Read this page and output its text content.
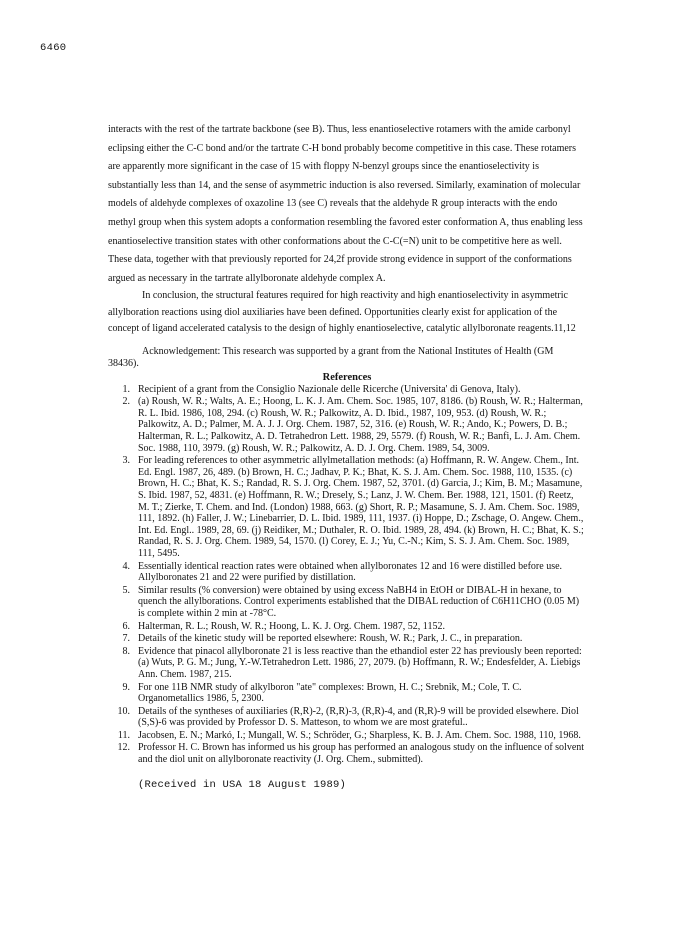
6460

interacts with the rest of the tartrate backbone (see B). Thus, less enantioselective rotamers with the amide carbonyl eclipsing either the C-C bond and/or the tartrate C-H bond probably become competitive in this case. These rotamers are apparently more significant in the case of 15 with floppy N-benzyl groups since the enantioselectivity is substantially less than 14, and the sense of asymmetric induction is also reversed. Similarly, examination of molecular models of aldehyde complexes of oxazoline 13 (see C) reveals that the aldehyde R group interacts with the endo methyl group when this system adopts a conformation resembling the favored ester conformation A, thus enabling less enantioselective transition states with other conformations about the C-C(=N) unit to be competitive here as well. These data, together with that previously reported for 24,2f provide strong evidence in support of the conformations argued as necessary in the tartrate allylboronate aldehyde complex A.

In conclusion, the structural features required for high reactivity and high enantioselectivity in asymmetric allylboration reactions using diol auxiliaries have been defined. Opportunities clearly exist for application of the concept of ligand accelerated catalysis to the design of highly enantioselective, catalytic allylboronate reagents.11,12

Acknowledgement: This research was supported by a grant from the National Institutes of Health (GM 38436).

References
1. Recipient of a grant from the Consiglio Nazionale delle Ricerche (Universita' di Genova, Italy).
2. (a) Roush, W. R.; Walts, A. E.; Hoong, L. K. J. Am. Chem. Soc. 1985, 107, 8186. (b) Roush, W. R.; Halterman, R. L. Ibid. 1986, 108, 294. (c) Roush, W. R.; Palkowitz, A. D. Ibid., 1987, 109, 953. (d) Roush, W. R.; Palkowitz, A. D.; Palmer, M. A. J. J. Org. Chem. 1987, 52, 316. (e) Roush, W. R.; Ando, K.; Powers, D. B.; Halterman, R. L.; Palkowitz, A. D. Tetrahedron Lett. 1988, 29, 5579. (f) Roush, W. R.; Banfi, L. J. Am. Chem. Soc. 1988, 110, 3979. (g) Roush, W. R.; Palkowitz, A. D. J. Org. Chem. 1989, 54, 3009.
3. For leading references to other asymmetric allylmetallation methods: (a) Hoffmann, R. W. Angew. Chem., Int. Ed. Engl. 1987, 26, 489. (b) Brown, H. C.; Jadhav, P. K.; Bhat, K. S. J. Am. Chem. Soc. 1988, 110, 1535. (c) Brown, H. C.; Bhat, K. S.; Randad, R. S. J. Org. Chem. 1987, 52, 3701. (d) Garcia, J.; Kim, B. M.; Masamune, S. Ibid. 1987, 52, 4831. (e) Hoffmann, R. W.; Dresely, S.; Lanz, J. W. Chem. Ber. 1988, 121, 1501. (f) Reetz, M. T.; Zierke, T. Chem. and Ind. (London) 1988, 663. (g) Short, R. P.; Masamune, S. J. Am. Chem. Soc. 1989, 111, 1892. (h) Faller, J. W.; Linebarrier, D. L. Ibid. 1989, 111, 1937. (i) Hoppe, D.; Zschage, O. Angew. Chem., Int. Ed. Engl.. 1989, 28, 69. (j) Reidiker, M.; Duthaler, R. O. Ibid. 1989, 28, 494. (k) Brown, H. C.; Bhat, K. S.; Randad, R. S. J. Org. Chem. 1989, 54, 1570. (l) Corey, E. J.; Yu, C.-N.; Kim, S. S. J. Am. Chem. Soc. 1989, 111, 5495.
4. Essentially identical reaction rates were obtained when allylboronates 12 and 16 were distilled before use. Allylboronates 21 and 22 were purified by distillation.
5. Similar results (% conversion) were obtained by using excess NaBH4 in EtOH or DIBAL-H in hexane, to quench the allylborations. Control experiments established that the DIBAL reduction of C6H11CHO (0.05 M) is complete within 2 min at -78°C.
6. Halterman, R. L.; Roush, W. R.; Hoong, L. K. J. Org. Chem. 1987, 52, 1152.
7. Details of the kinetic study will be reported elsewhere: Roush, W. R.; Park, J. C., in preparation.
8. Evidence that pinacol allylboronate 21 is less reactive than the ethandiol ester 22 has previously been reported: (a) Wuts, P. G. M.; Jung, Y.-W.Tetrahedron Lett. 1986, 27, 2079. (b) Hoffmann, R. W.; Endesfelder, A. Liebigs Ann. Chem. 1987, 215.
9. For one 11B NMR study of alkylboron "ate" complexes: Brown, H. C.; Srebnik, M.; Cole, T. C. Organometallics 1986, 5, 2300.
10. Details of the syntheses of auxiliaries (R,R)-2, (R,R)-3, (R,R)-4, and (R,R)-9 will be provided elsewhere. Diol (S,S)-6 was provided by Professor D. S. Matteson, to whom we are most grateful..
11. Jacobsen, E. N.; Markó, I.; Mungall, W. S.; Schröder, G.; Sharpless, K. B. J. Am. Chem. Soc. 1988, 110, 1968.
12. Professor H. C. Brown has informed us his group has performed an analogous study on the influence of solvent and the diol unit on allylboronate reactivity (J. Org. Chem., submitted).
(Received in USA 18 August 1989)
